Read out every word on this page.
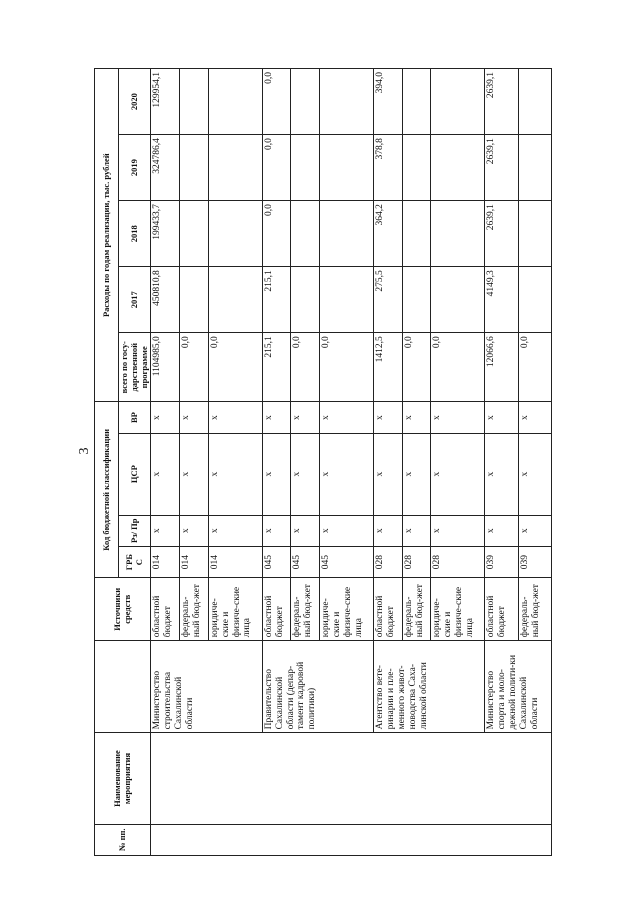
3
№ пп.	Наименование мероприятия		Источники средств	Код бюджетной классификации				Расходы по годам реализации, тыс. рублей				
				ГРБ С	Рз/ Пр	ЦСР	ВР	всего по госу-дарственной программе	2017	2018	2019	2020
		Министерство строительства Сахалинской области	областной бюджет	014	x	x	x	1104985,0	450810,8	199433,7	324786,4	129954,1
			федераль-ный бюд-жет	014	x	x	x	0,0				
			юридиче-ские и физиче-ские лица	014	x	x	x	0,0				
		Правительство Сахалинской области (депар-тамент кадровой политики)	областной бюджет	045	x	x	x	215,1	215,1	0,0	0,0	0,0
			федераль-ный бюд-жет	045	x	x	x	0,0				
			юридиче-ские и физиче-ские лица	045	x	x	x	0,0				
		Агентство вете-ринарии и пле-менного живот-новодства Саха-линской области	областной бюджет	028	x	x	x	1412,5	275,5	364,2	378,8	394,0
			федераль-ный бюд-жет	028	x	x	x	0,0				
			юридиче-ские и физиче-ские лица	028	x	x	x	0,0				
		Министерство спорта и моло-дежной полити-ки Сахалинской области	областной бюджет	039	x	x	x	12066,6	4149,3	2639,1	2639,1	2639,1
			федераль-ный бюд-жет	039	x	x	x	0,0				
